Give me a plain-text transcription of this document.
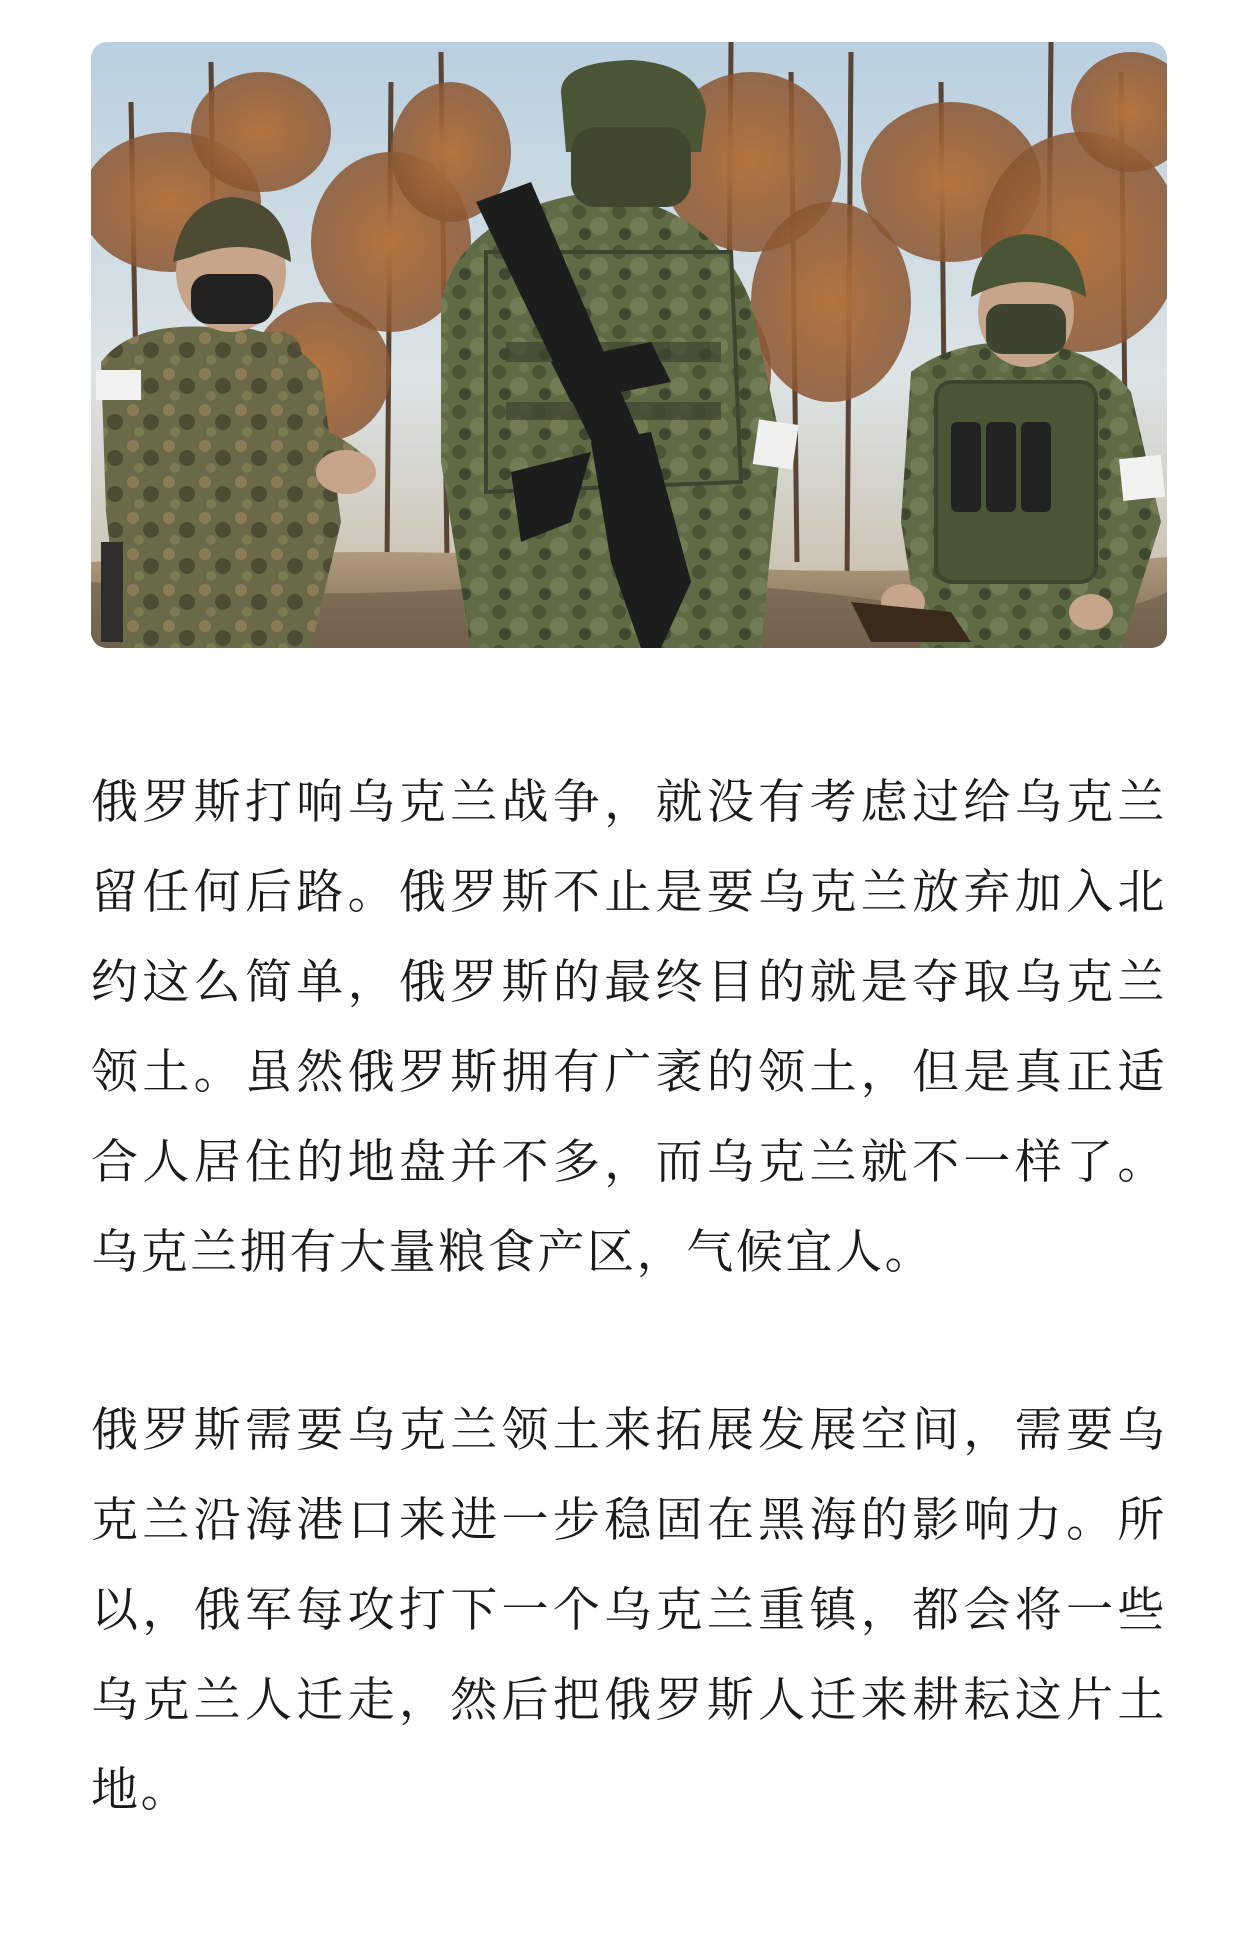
俄罗斯打响乌克兰战争，就没有考虑过给乌克兰留任何后路。俄罗斯不止是要乌克兰放弃加入北约这么简单，俄罗斯的最终目的就是夺取乌克兰领土。虽然俄罗斯拥有广袤的领土，但是真正适合人居住的地盘并不多，而乌克兰就不一样了。乌克兰拥有大量粮食产区，气候宜人。

俄罗斯需要乌克兰领土来拓展发展空间，需要乌克兰沿海港口来进一步稳固在黑海的影响力。所以，俄军每攻打下一个乌克兰重镇，都会将一些乌克兰人迁走，然后把俄罗斯人迁来耕耘这片土地。
